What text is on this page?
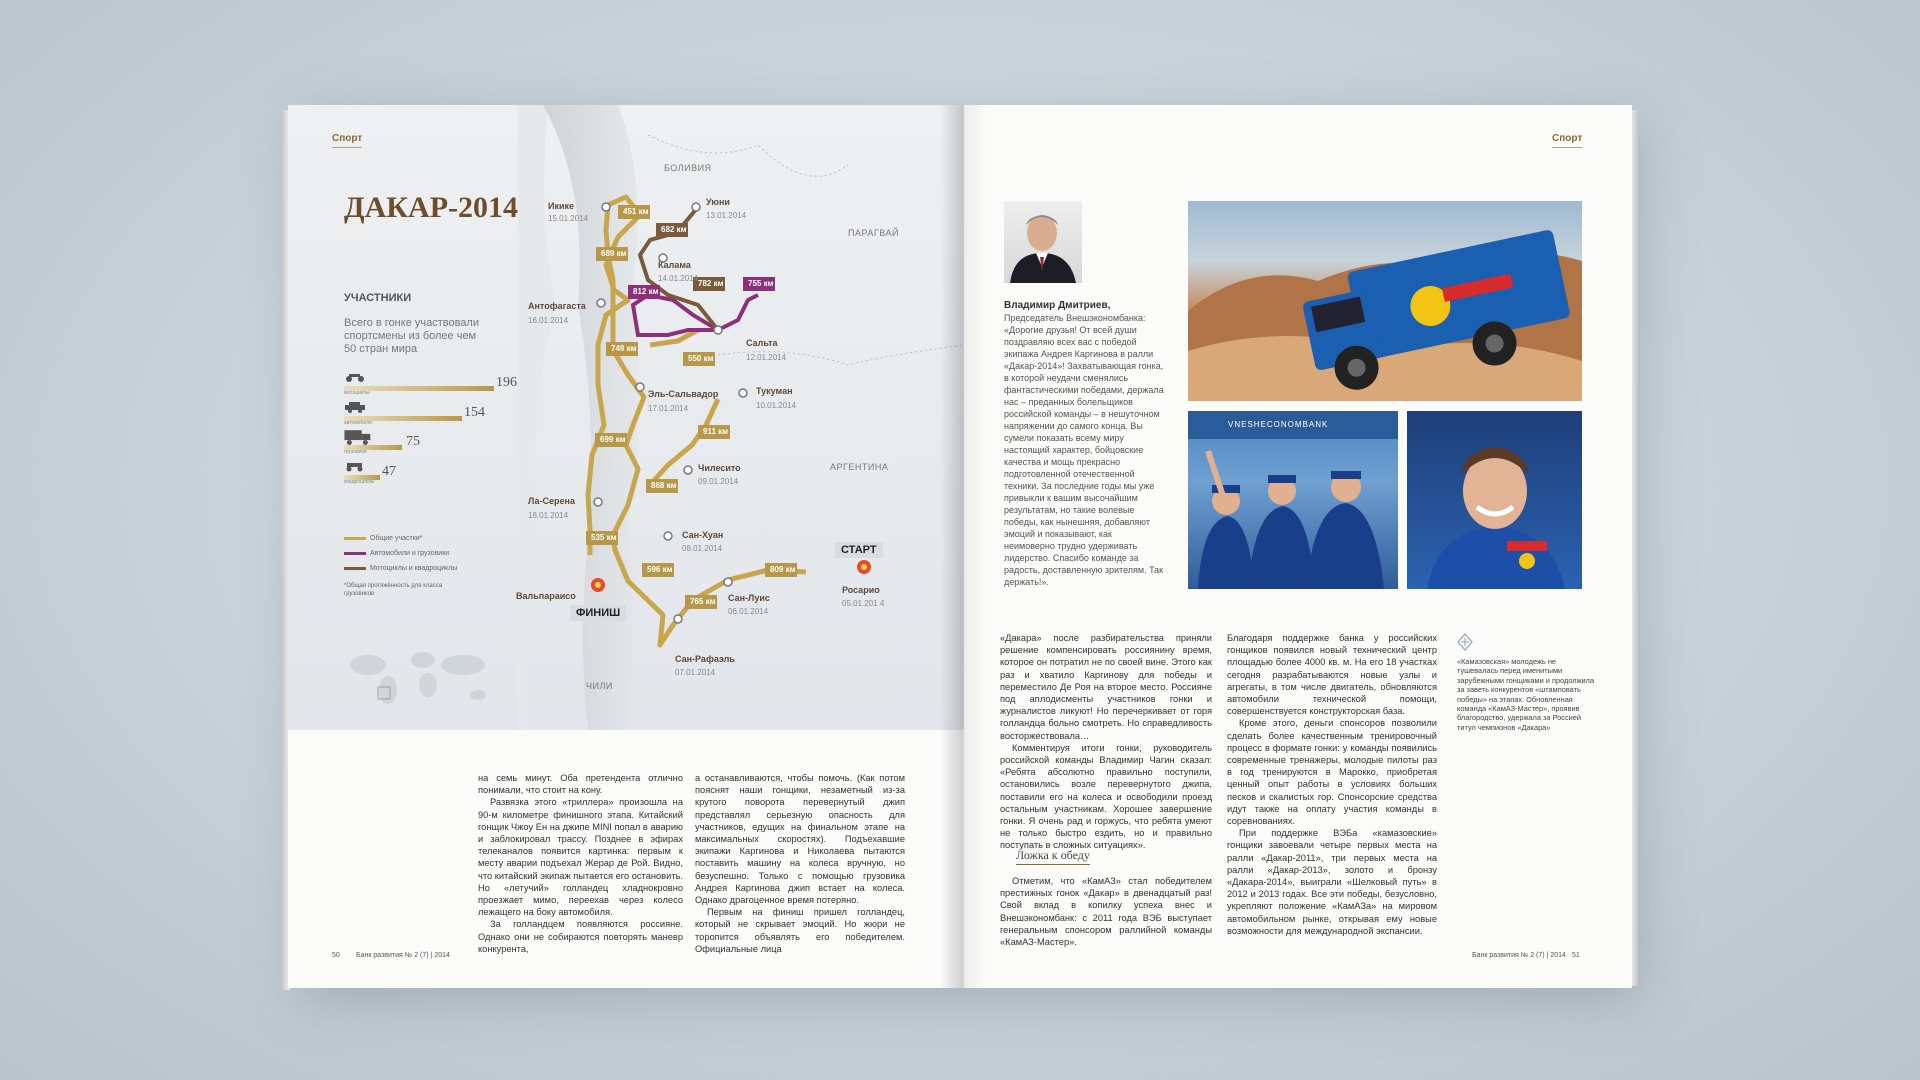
Спорт
ДАКАР-2014
УЧАСТНИКИ
Всего в гонке участвовали спортсмены из более чем 50 стран мира
196
мотоциклы
154
автомобили
75
грузовики
47
квадроциклы
Общие участки*
Автомобили и грузовики
Мотоциклы и квадроциклы
*Общая протяжённость для класса грузовиков
БОЛИВИЯ
ПАРАГВАЙ
АРГЕНТИНА
ЧИЛИ
Икике
15.01.2014
Уюни
13.01.2014
Калама
14.01.2014
Антофагаста
16.01.2014
Сальта
12.01.2014
Тукуман
10.01.2014
Эль-Сальвадор
17.01.2014
Чилесито
09.01.2014
Ла-Серена
18.01.2014
Сан-Хуан
08.01.2014
Росарио
05.01.201 4
Сан-Луис
06.01.2014
Сан-Рафаэль
07.01.2014
Вальпараисо
СТАРТ
ФИНИШ
451 км
689 км
682 км
812 км
782 км	755 км
749 км
550 км
699 км
911 км
868 км
535 км
596 км	809 км
765 км

на семь минут. Оба претендента отлично понимали, что стоит на кону.

Развязка этого «триллера» произошла на 90-м километре финишного этапа. Китайский гонщик Чжоу Ен на джипе MINI попал в аварию и заблокировал трассу. Позднее в эфирах телеканалов появится картинка: первым к месту аварии подъехал Жерар де Рой. Видно, что китайский экипаж пытается его остановить. Но «летучий» голландец хладнокровно проезжает мимо, переехав через колесо лежащего на боку автомобиля.

За голландцем появляются россияне. Однако они не собираются повторять маневр конкурента,

а останавливаются, чтобы помочь. (Как потом пояснят наши гонщики, незаметный из-за крутого поворота перевернутый джип представлял серьезную опасность для участников, едущих на финальном этапе на максимальных скоростях). Подъехавшие экипажи Каргинова и Николаева пытаются поставить машину на колеса вручную, но безуспешно. Только с помощью грузовика Андрея Каргинова джип встает на колеса. Однако драгоценное время потеряно.

Первым на финиш пришел голландец, который не скрывает эмоций. Но жюри не торопится объявлять его победителем. Официальные лица

50 Банк развития № 2 (7) | 2014
Спорт
Владимир Дмитриев,
Председатель Внешэкономбанка: «Дорогие друзья! От всей души поздравляю всех вас с победой экипажа Андрея Каргинова в ралли «Дакар-2014»! Захватывающая гонка, в которой неудачи сменялись фантастическими победами, держала нас – преданных болельщиков российской команды – в нешуточном напряжении до самого конца. Вы сумели показать всему миру настоящий характер, бойцовские качества и мощь прекрасно подготовленной отечественной техники. За последние годы мы уже привыкли к вашим высочайшим результатам, но такие волевые победы, как нынешняя, добавляют эмоций и показывают, как неимоверно трудно удерживать лидерство. Спасибо команде за радость, доставленную зрителям. Так держать!».
VNESHECONOMBANK

«Дакара» после разбирательства приняли решение компенсировать россиянину время, которое он потратил не по своей вине. Этого как раз и хватило Каргинову для победы и переместило Де Роя на второе место. Россияне под аплодисменты участников гонки и журналистов ликуют! Но перечеркивает от горя голландца больно смотреть. Но справедливость восторжествовала…

Комментируя итоги гонки, руководитель российской команды Владимир Чагин сказал: «Ребята абсолютно правильно поступили, остановились возле перевернутого джипа, поставили его на колеса и освободили проезд остальным участникам. Хорошее завершение гонки. Я очень рад и горжусь, что ребята умеют не только быстро ездить, но и правильно поступать в сложных ситуациях».

Ложка к обеду

Отметим, что «КамАЗ» стал победителем престижных гонок «Дакар» в двенадцатый раз! Свой вклад в копилку успеха внес и Внешэкономбанк: с 2011 года ВЭБ выступает генеральным спонсором раллийной команды «КамАЗ-Мастер».

Благодаря поддержке банка у российских гонщиков появился новый технический центр площадью более 4000 кв. м. На его 18 участках сегодня разрабатываются новые узлы и агрегаты, в том числе двигатель, обновляются автомобили технической помощи, совершенствуется конструкторская база.

Кроме этого, деньги спонсоров позволили сделать более качественным тренировочный процесс в формате гонки: у команды появились современные тренажеры, молодые пилоты раз в год тренируются в Марокко, приобретая ценный опыт работы в условиях больших песков и скалистых гор. Спонсорские средства идут также на оплату участия команды в соревнованиях.

При поддержке ВЭБа «камазовские» гонщики завоевали четыре первых места на ралли «Дакар-2011», три первых места на ралли «Дакар-2013», золото и бронзу «Дакара-2014», выиграли «Шелковый путь» в 2012 и 2013 годах. Все эти победы, безусловно, укрепляют положение «КамАЗа» на мировом автомобильном рынке, открывая ему новые возможности для международной экспансии.

«Камазовская» молодежь не тушевалась перед именитыми зарубежными гонщиками и продолжила за заветь конкурентов «штамповать победы» на этапах. Обновленная команда «КамАЗ-Мастер», проявив благородство, удержала за Россией титул чемпионов «Дакара»
Банк развития № 2 (7) | 2014 51
